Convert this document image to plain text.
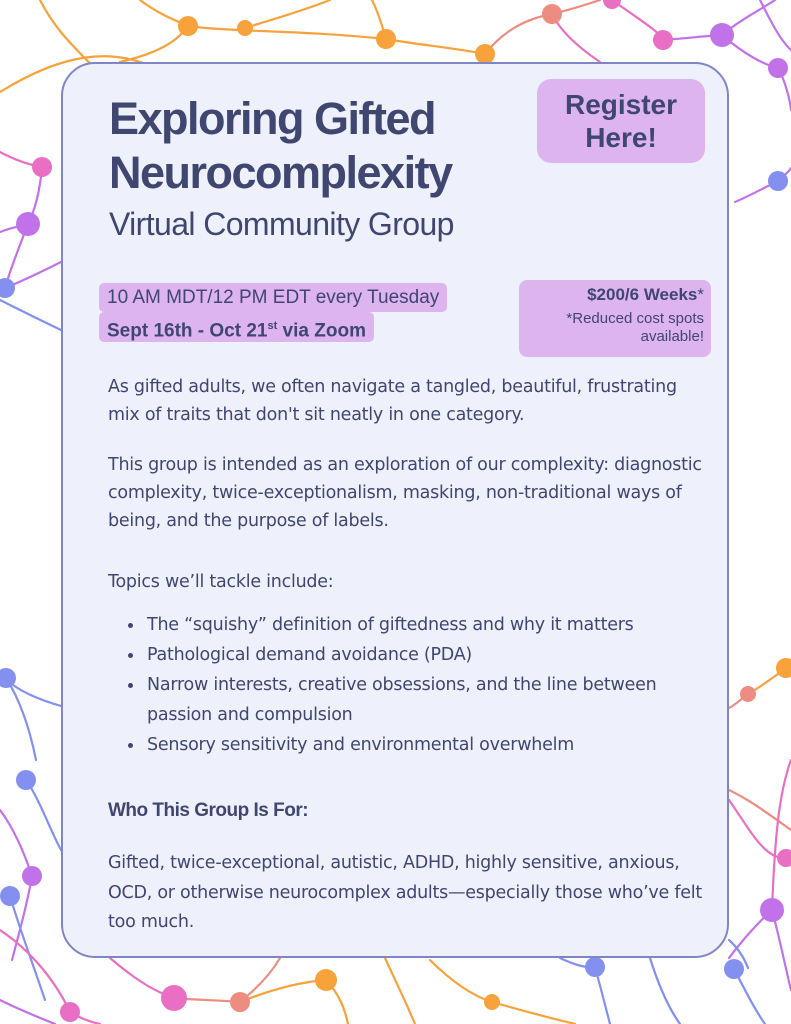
Exploring Gifted
Neurocomplexity
Virtual Community Group
Register
Here!
10 AM MDT/12 PM EDT every Tuesday
Sept 16th - Oct 21st via Zoom
$200/6 Weeks*
*Reduced cost spots
available!

As gifted adults, we often navigate a tangled, beautiful, frustrating mix of traits that don't sit neatly in one category.

This group is intended as an exploration of our complexity: diagnostic complexity, twice-exceptionalism, masking, non-traditional ways of being, and the purpose of labels.

Topics we’ll tackle include:

The “squishy” definition of giftedness and why it matters
Pathological demand avoidance (PDA)
Narrow interests, creative obsessions, and the line between passion and compulsion
Sensory sensitivity and environmental overwhelm
Who This Group Is For:

Gifted, twice-exceptional, autistic, ADHD, highly sensitive, anxious, OCD, or otherwise neurocomplex adults—especially those who’ve felt too much.
